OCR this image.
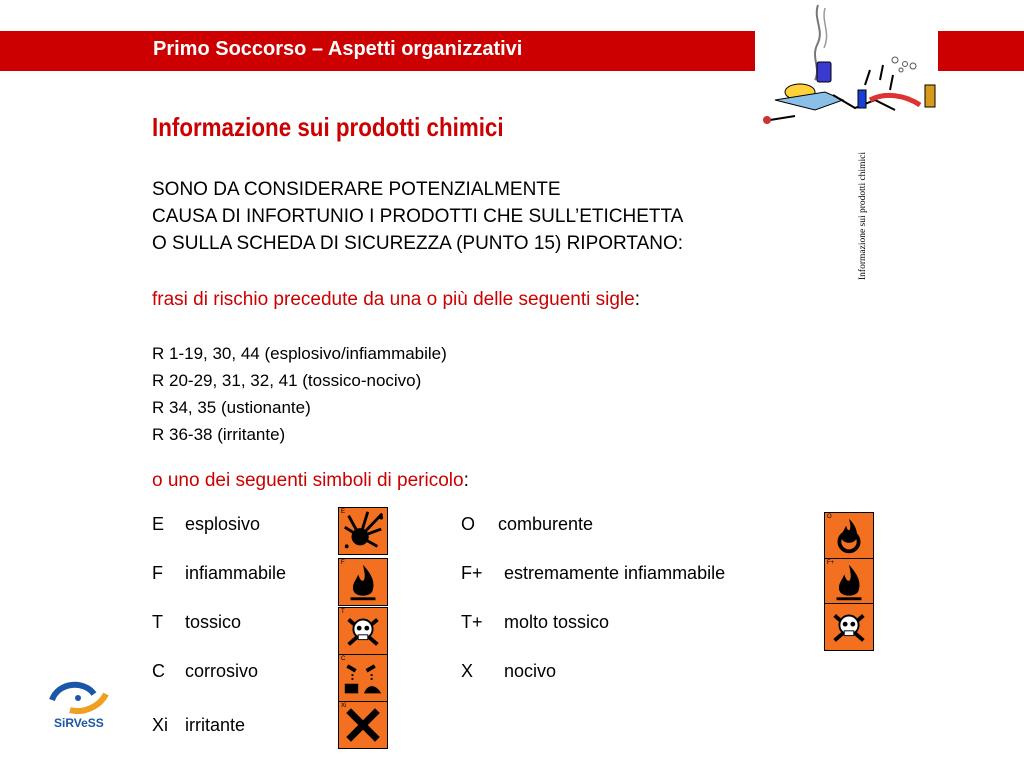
Primo Soccorso – Aspetti organizzativi
Informazione sui prodotti chimici
Informazione sui prodotti chimici
SONO DA CONSIDERARE POTENZIALMENTE
CAUSA DI INFORTUNIO I PRODOTTI CHE SULL’ETICHETTA
O SULLA SCHEDA DI SICUREZZA (PUNTO 15) RIPORTANO:
frasi di rischio precedute da una o più delle seguenti sigle:
R 1-19, 30, 44 (esplosivo/infiammabile)
R 20-29, 31, 32, 41 (tossico-nocivo)
R 34, 35 (ustionante)
R 36-38 (irritante)
o uno dei seguenti simboli di pericolo:
E esplosivo
F infiammabile
T tossico
C corrosivo
Xi irritante
O comburente
F+ estremamente infiammabile
T+ molto tossico
X nocivo
E
F
T
C
Xi
O
F+
SiRVeSS
